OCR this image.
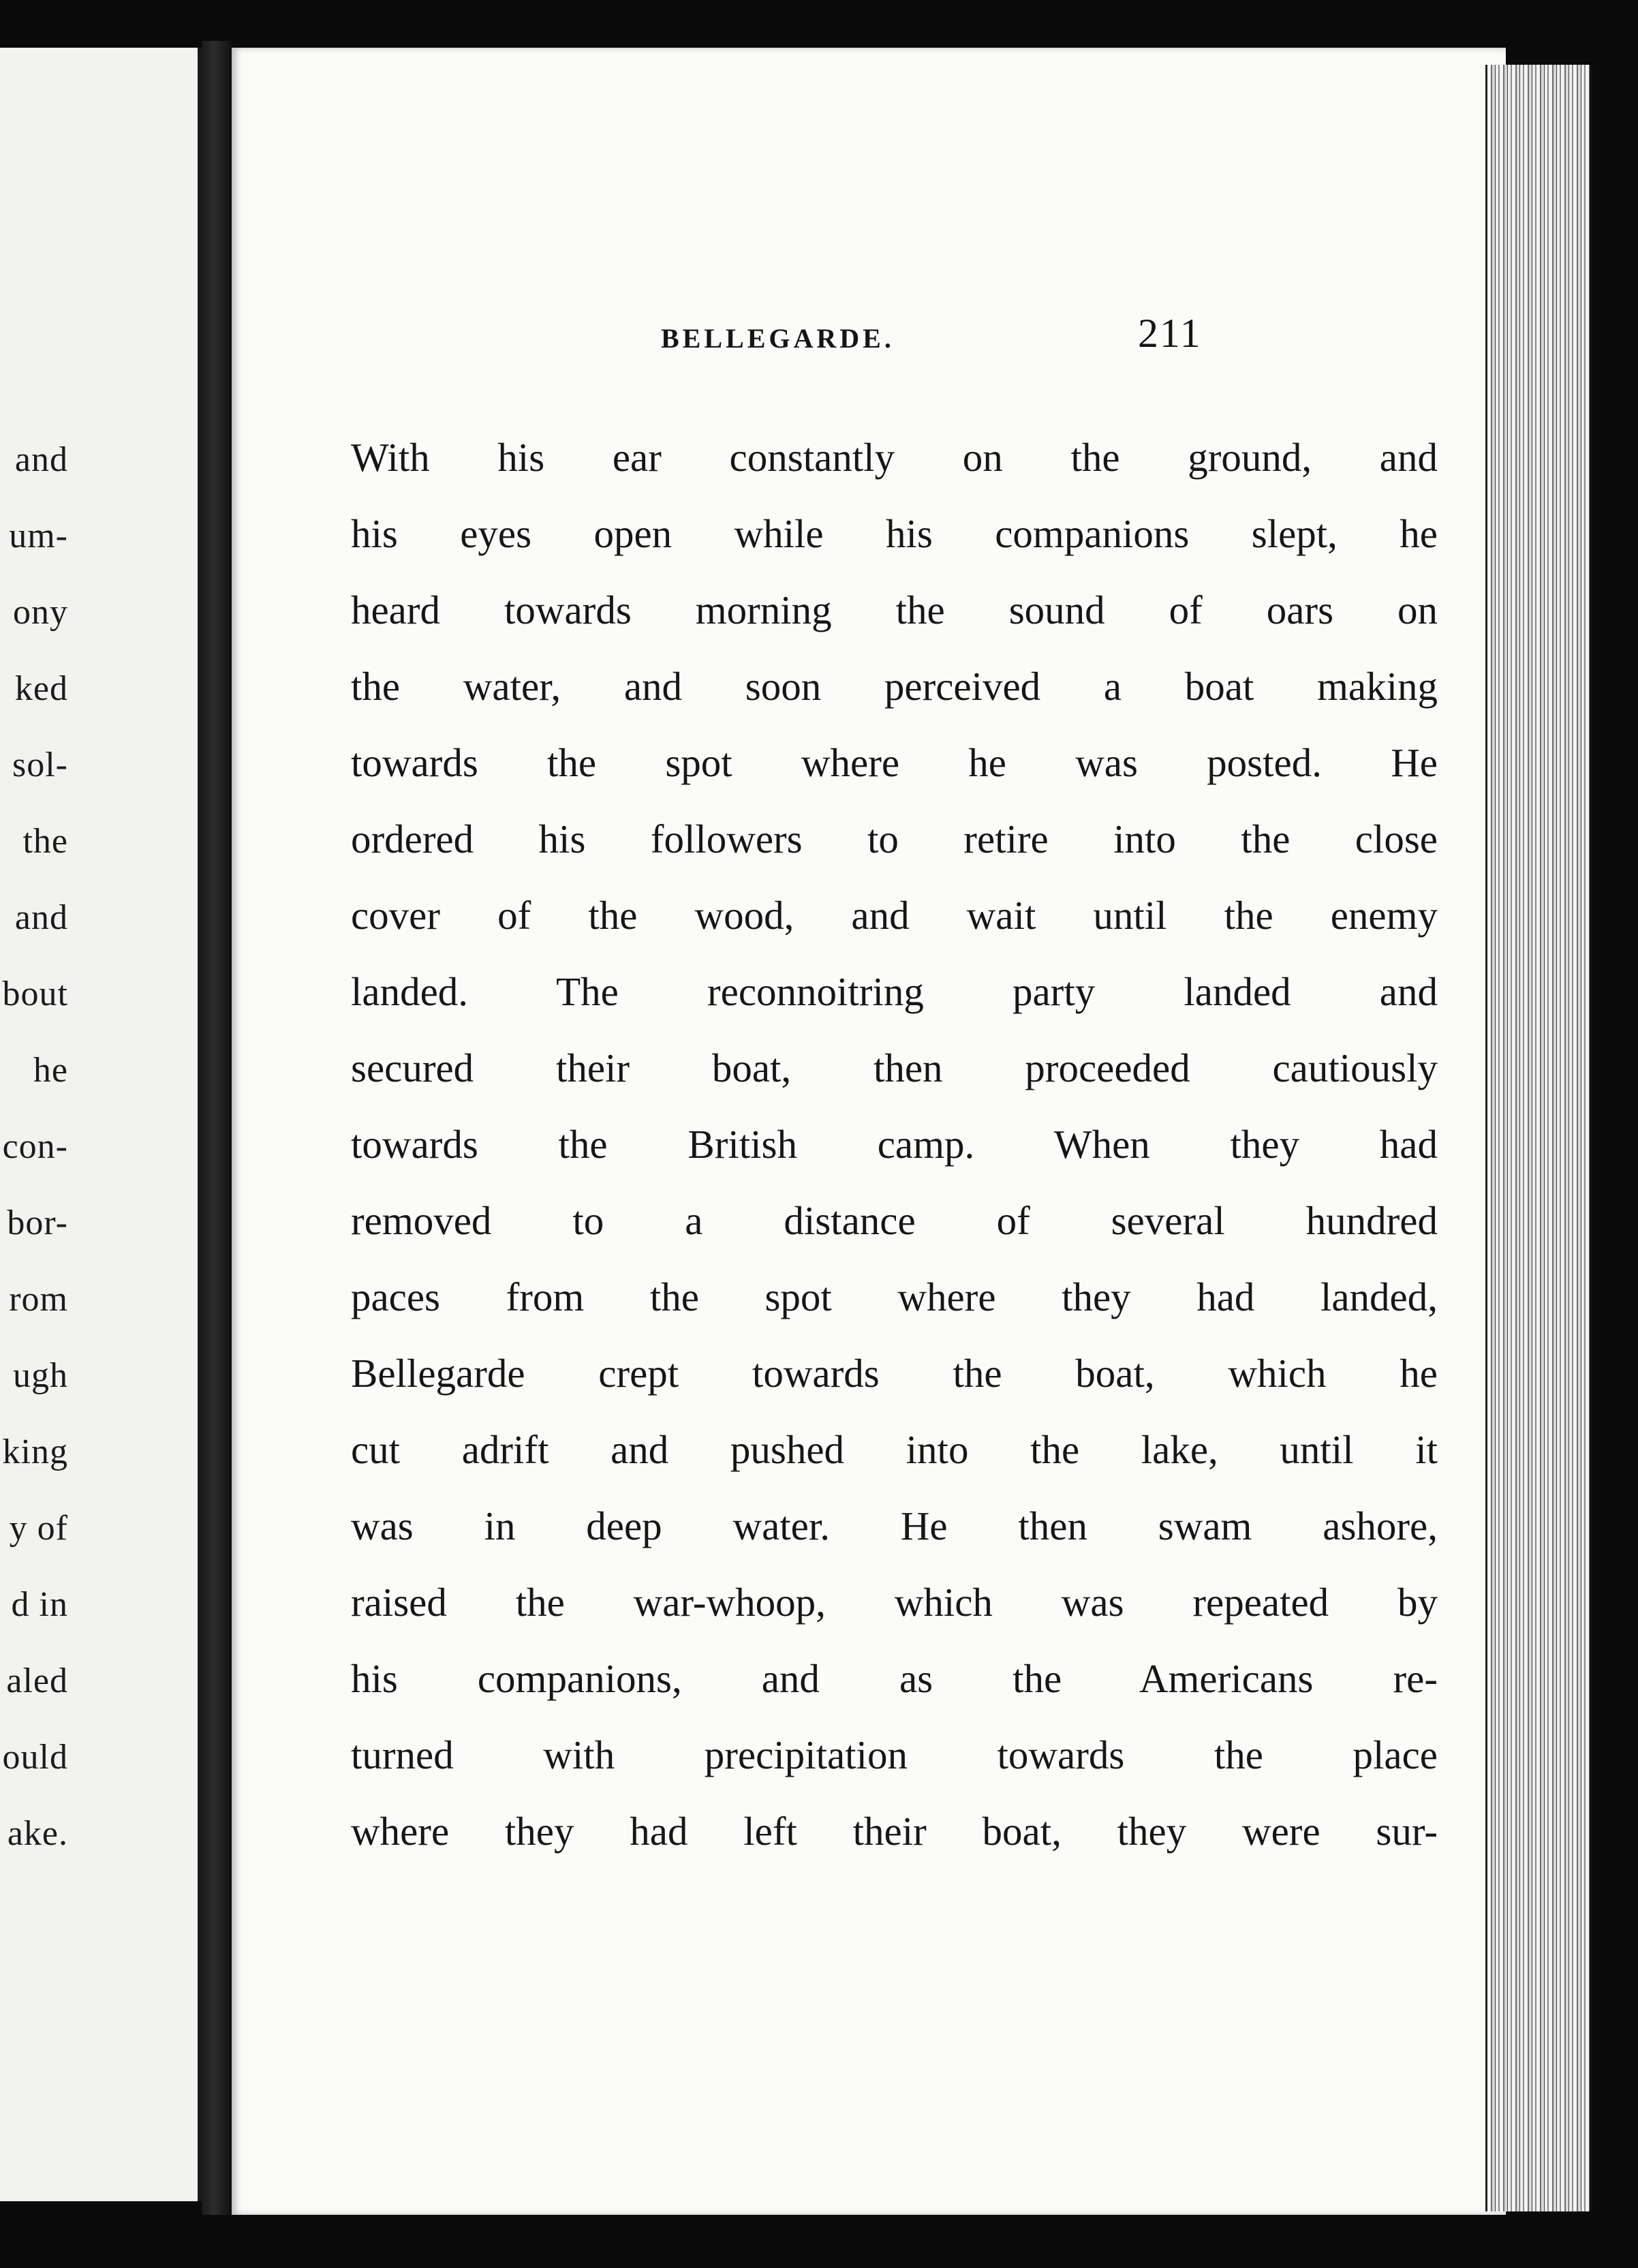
and
um-
ony
ked
sol-
the
and
bout
he
con-
bor-
rom
ugh
king
y of
d in
aled
ould
ake.
BELLEGARDE.	211
With his ear constantly on the ground, and
his eyes open while his companions slept, he
heard towards morning the sound of oars on
the water, and soon perceived a boat making
towards the spot where he was posted. He
ordered his followers to retire into the close
cover of the wood, and wait until the enemy
landed. The reconnoitring party landed and
secured their boat, then proceeded cautiously
towards the British camp. When they had
removed to a distance of several hundred
paces from the spot where they had landed,
Bellegarde crept towards the boat, which he
cut adrift and pushed into the lake, until it
was in deep water. He then swam ashore,
raised the war-whoop, which was repeated by
his companions, and as the Americans re-
turned with precipitation towards the place
where they had left their boat, they were sur-
